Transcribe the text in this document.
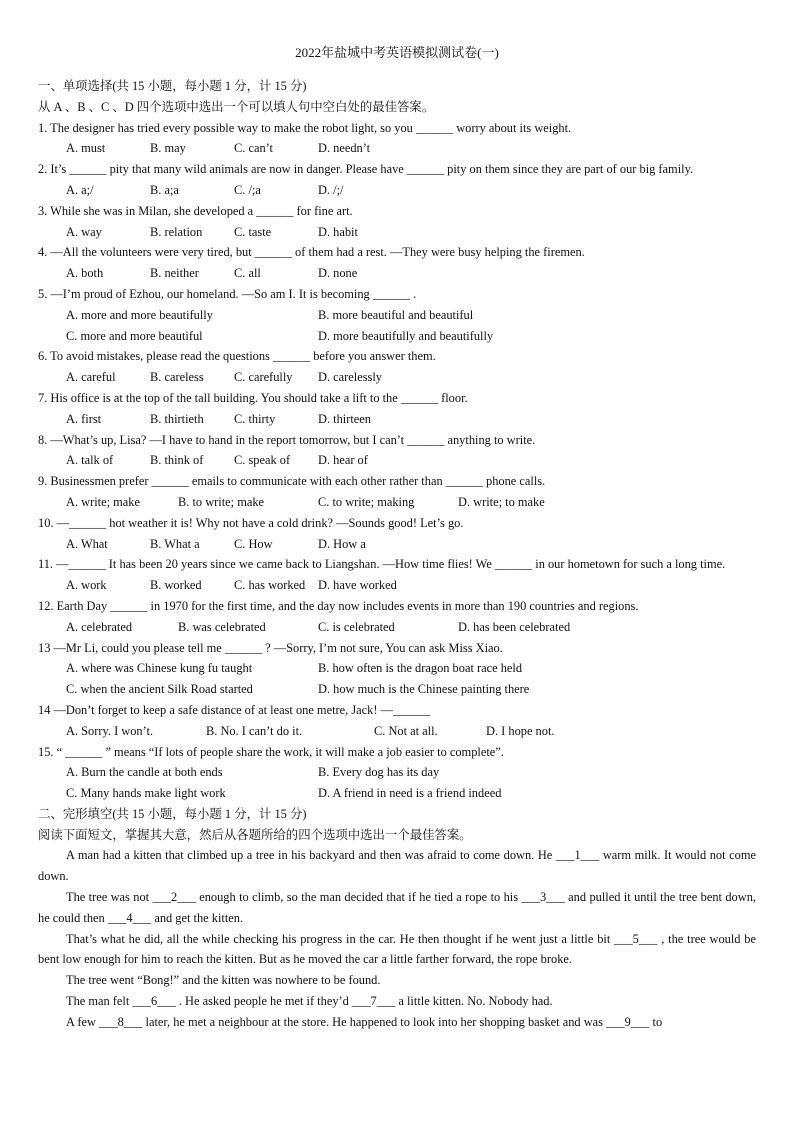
2022年盐城中考英语模拟测试卷(一)

一、单项选择(共 15 小题，每小题 1 分，计 15 分)

从 A 、B 、C 、D 四个选项中选出一个可以填人句中空白处的最佳答案。

1. The designer has tried every possible way to make the robot light, so you ______ worry about its weight.

A. must	B. may	C. can’t	D. needn’t

2. It’s ______ pity that many wild animals are now in danger. Please have ______ pity on them since they are part of our big family.

A. a;/	B. a;a	C. /;a	D. /;/

3. While she was in Milan, she developed a ______ for fine art.

A. way	B. relation	C. taste	D. habit

4. —All the volunteers were very tired, but ______ of them had a rest. —They were busy helping the firemen.

A. both	B. neither	C. all	D. none

5. —I’m proud of Ezhou, our homeland. —So am I. It is becoming ______ .

A. more and more beautifully	B. more beautiful and beautiful
C. more and more beautiful	D. more beautifully and beautifully

6. To avoid mistakes, please read the questions ______ before you answer them.

A. careful	B. careless C. carefully D. carelessly

7. His office is at the top of the tall building. You should take a lift to the ______ floor.

A. first	B. thirtieth C. thirty	D. thirteen

8. —What’s up, Lisa? —I have to hand in the report tomorrow, but I can’t ______ anything to write.

A. talk of	B. think of C. speak of D. hear of

9. Businessmen prefer ______ emails to communicate with each other rather than ______ phone calls.

A. write; make	B. to write; make	C. to write; making	D. write; to make

10. —______ hot weather it is! Why not have a cold drink? —Sounds good! Let’s go.

A. What	B. What a	C. How	D. How a

11. —______ It has been 20 years since we came back to Liangshan. —How time flies! We ______ in our hometown for such a long time.

A. work	B. worked	C. has worked D. have worked

12. Earth Day ______ in 1970 for the first time, and the day now includes events in more than 190 countries and regions.

A. celebrated	B. was celebrated	C. is celebrated	D. has been celebrated

13 —Mr Li, could you please tell me ______ ? —Sorry, I’m not sure, You can ask Miss Xiao.

A. where was Chinese kung fu taught	B. how often is the dragon boat race held
C. when the ancient Silk Road started	D. how much is the Chinese painting there

14 —Don’t forget to keep a safe distance of at least one metre, Jack! —______

A. Sorry. I won’t.	B. No. I can’t do it.	C. Not at all.	D. I hope not.

15. “ ______ ” means “If lots of people share the work, it will make a job easier to complete”.

A. Burn the candle at both ends	B. Every dog has its day
C. Many hands make light work	D. A friend in need is a friend indeed

二、完形填空(共 15 小题，每小题 1 分，计 15 分)

阅读下面短文，掌握其大意，然后从各题所给的四个选项中选出一个最佳答案。

A man had a kitten that climbed up a tree in his backyard and then was afraid to come down. He ___1___ warm milk. It would not come down.

The tree was not ___2___ enough to climb, so the man decided that if he tied a rope to his ___3___ and pulled it until the tree bent down, he could then ___4___ and get the kitten.

That’s what he did, all the while checking his progress in the car. He then thought if he went just a little bit ___5___ , the tree would be bent low enough for him to reach the kitten. But as he moved the car a little farther forward, the rope broke.

The tree went “Bong!” and the kitten was nowhere to be found.

The man felt ___6___ . He asked people he met if they’d ___7___ a little kitten. No. Nobody had.

A few ___8___ later, he met a neighbour at the store. He happened to look into her shopping basket and was ___9___ to
